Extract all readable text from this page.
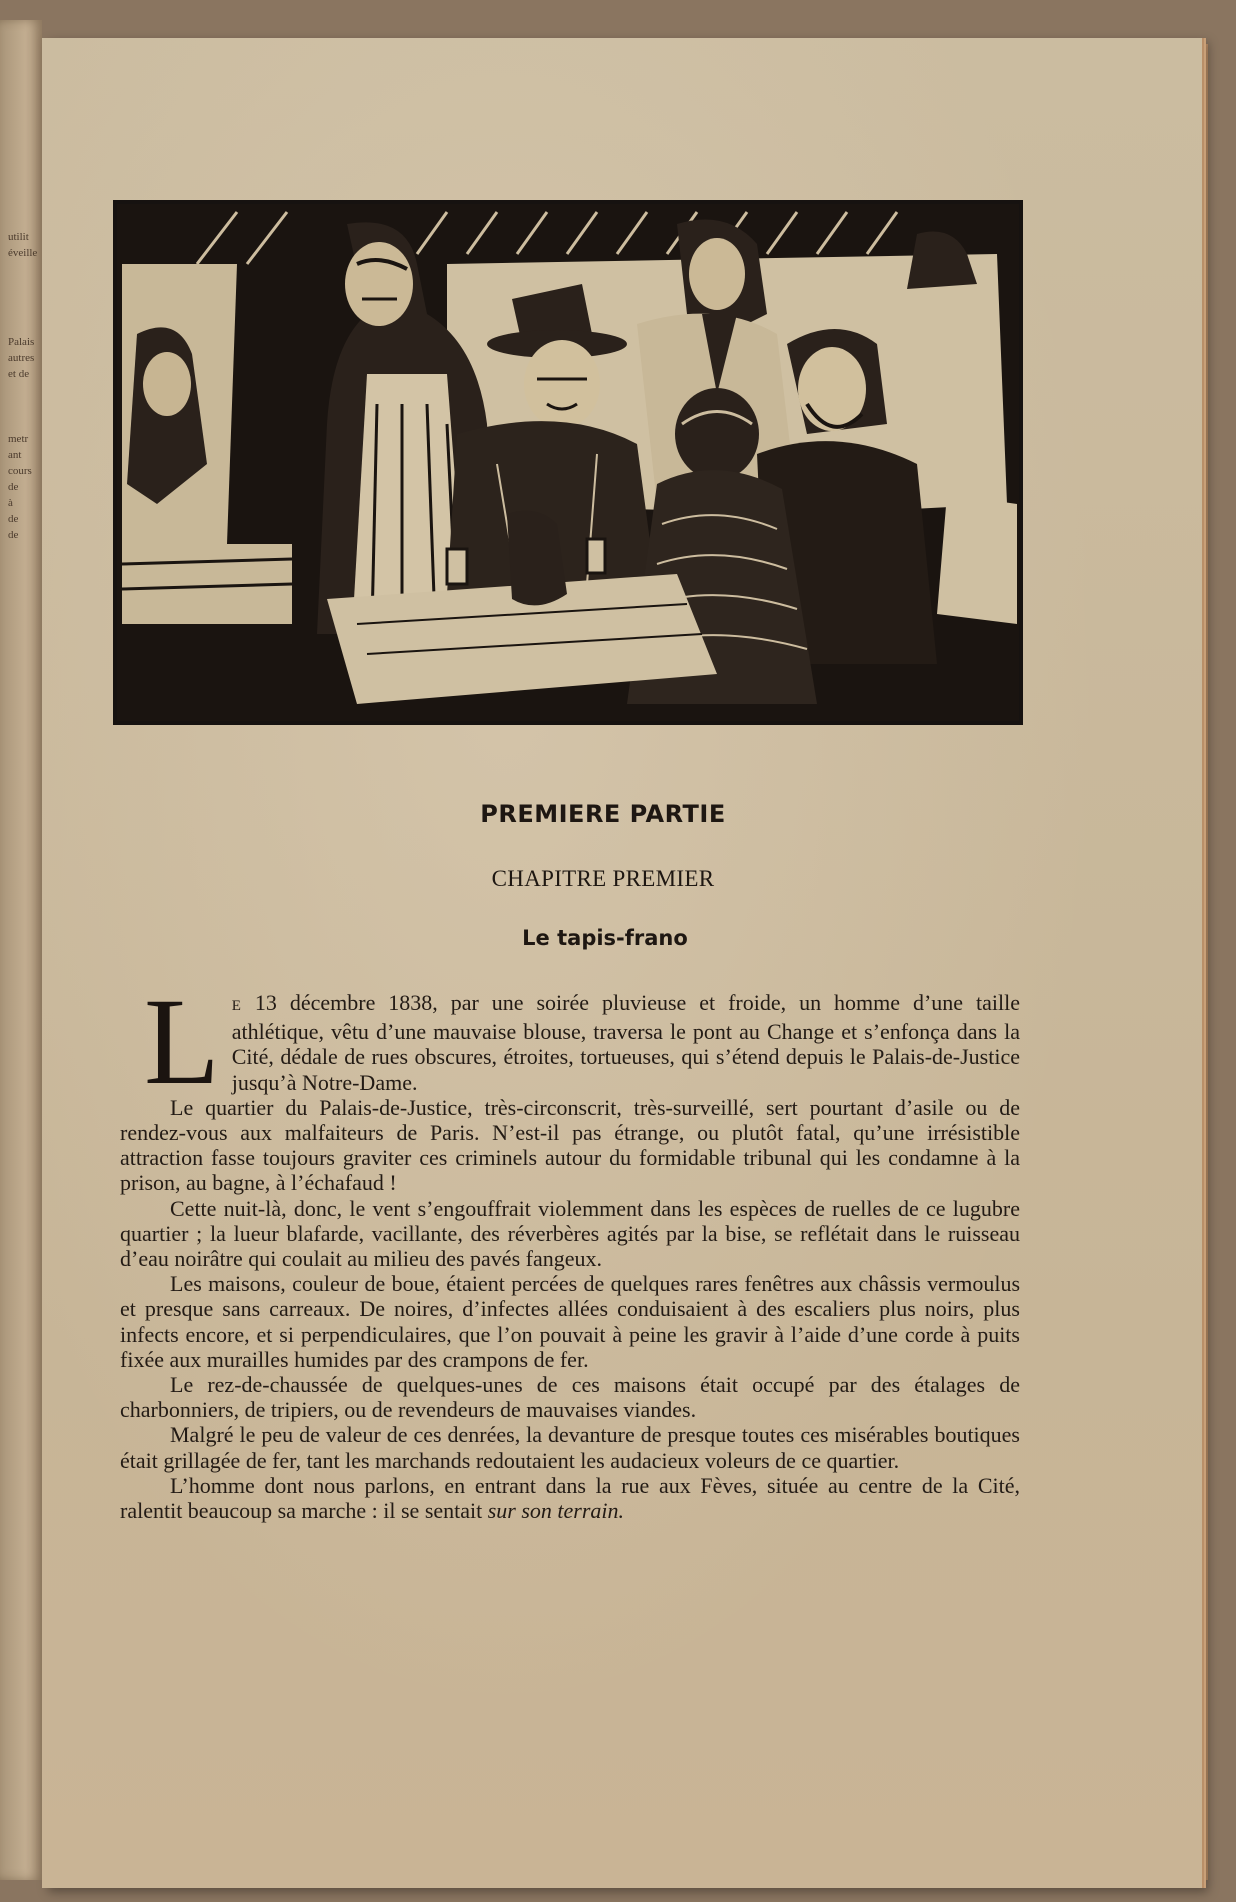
utilit
éveille
Palais
autres
et de
metr
ant
cours
de
à
de
de
PREMIERE PARTIE
CHAPITRE PREMIER
Le tapis-frano

L E 13 décembre 1838, par une soirée pluvieuse et froide, un homme d’une taille athlétique, vêtu d’une mauvaise blouse, traversa le pont au Change et s’enfonça dans la Cité, dédale de rues obscures, étroites, tortueuses, qui s’étend depuis le Palais-de-Justice jusqu’à Notre-Dame.

Le quartier du Palais-de-Justice, très-circonscrit, très-surveillé, sert pourtant d’asile ou de rendez-vous aux malfaiteurs de Paris. N’est-il pas étrange, ou plutôt fatal, qu’une irrésistible attraction fasse toujours graviter ces criminels autour du formidable tribunal qui les condamne à la prison, au bagne, à l’échafaud !

Cette nuit-là, donc, le vent s’engouffrait violemment dans les espèces de ruelles de ce lugubre quartier ; la lueur blafarde, vacillante, des réverbères agités par la bise, se reflétait dans le ruisseau d’eau noirâtre qui coulait au milieu des pavés fangeux.

Les maisons, couleur de boue, étaient percées de quelques rares fenêtres aux châssis vermoulus et presque sans carreaux. De noires, d’infectes allées conduisaient à des escaliers plus noirs, plus infects encore, et si perpendiculaires, que l’on pouvait à peine les gravir à l’aide d’une corde à puits fixée aux murailles humides par des crampons de fer.

Le rez-de-chaussée de quelques-unes de ces maisons était occupé par des étalages de charbonniers, de tripiers, ou de revendeurs de mauvaises viandes.

Malgré le peu de valeur de ces denrées, la devanture de presque toutes ces misérables boutiques était grillagée de fer, tant les marchands redoutaient les audacieux voleurs de ce quartier.

L’homme dont nous parlons, en entrant dans la rue aux Fèves, située au centre de la Cité, ralentit beaucoup sa marche : il se sentait sur son terrain.
